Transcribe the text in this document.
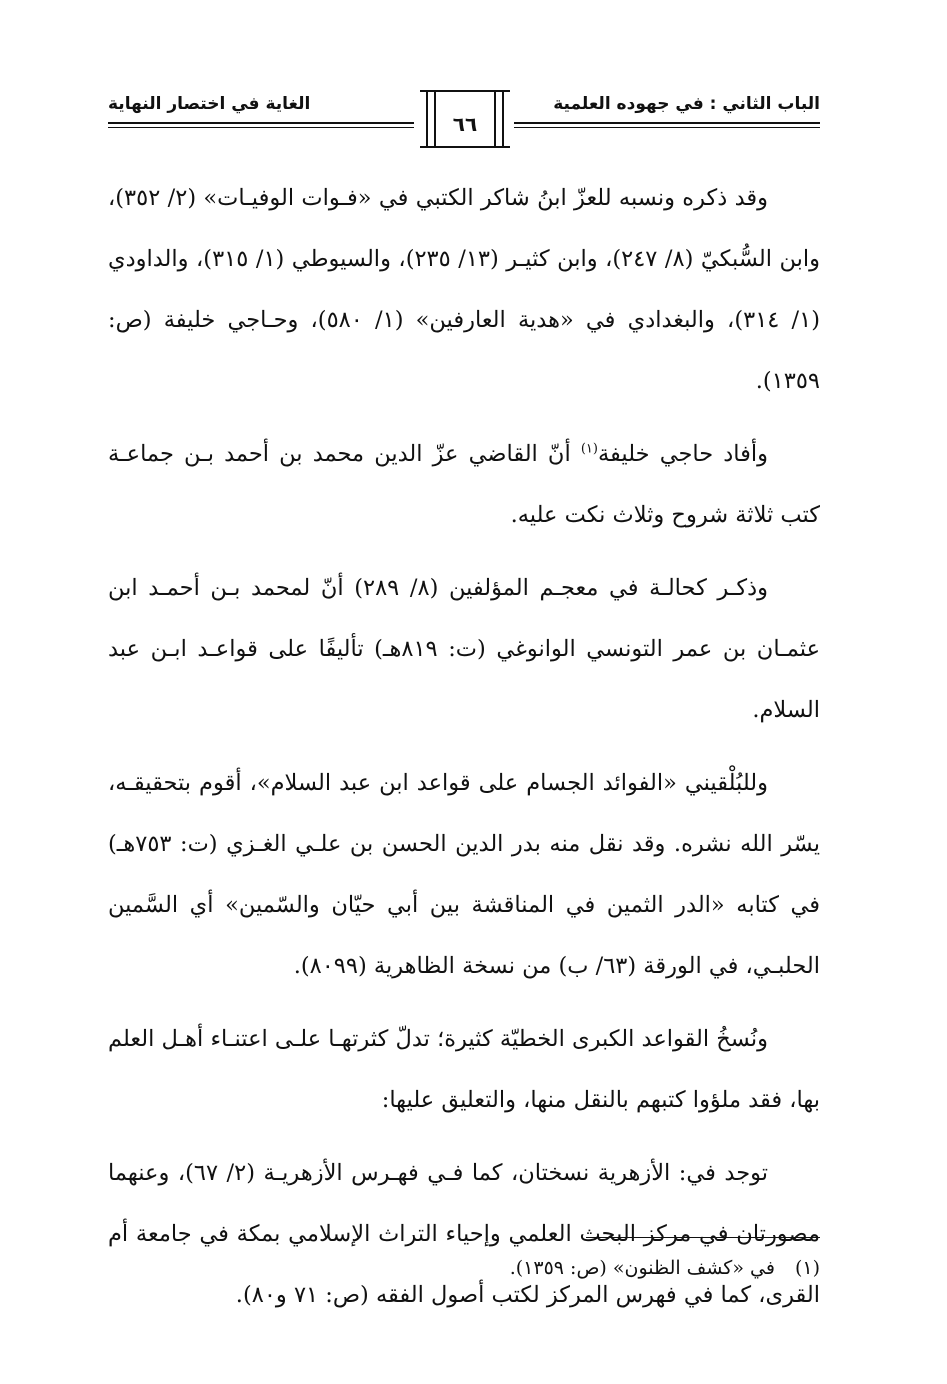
الباب الثاني : في جهوده العلمية
الغاية في اختصار النهاية
٦٦

وقد ذكره ونسبه للعزّ ابنُ شاكر الكتبي في «فـوات الوفيـات» (٢/ ٣٥٢)، وابن السُّبكيّ (٨/ ٢٤٧)، وابن كثيـر (١٣/ ٢٣٥)، والسيوطي (١/ ٣١٥)، والداودي (١/ ٣١٤)، والبغدادي في «هدية العارفين» (١/ ٥٨٠)، وحـاجي خليفة (ص: ١٣٥٩).

وأفاد حاجي خليفة$^{(١)}$ أنّ القاضي عزّ الدين محمد بن أحمد بـن جماعـة كتب ثلاثة شروح وثلاث نكت عليه.

وذكـر كحالـة في معجـم المؤلفين (٨/ ٢٨٩) أنّ لمحمد بـن أحمـد ابن عثمـان بن عمر التونسي الوانوغي (ت: ٨١٩هـ) تأليفًا على قواعـد ابـن عبد السلام.

وللبُلْقيني «الفوائد الجسام على قواعد ابن عبد السلام»، أقوم بتحقيقـه، يسّر الله نشره. وقد نقل منه بدر الدين الحسن بن علـي الغـزي (ت: ٧٥٣هـ) في كتابه «الدر الثمين في المناقشة بين أبي حيّان والسّمين» أي السَّمين الحلبـي، في الورقة (٦٣/ ب) من نسخة الظاهرية (٨٠٩٩).

ونُسخُ القواعد الكبرى الخطيّة كثيرة؛ تدلّ كثرتهـا علـى اعتنـاء أهـل العلم بها، فقد ملؤوا كتبهم بالنقل منها، والتعليق عليها:

توجد في: الأزهرية نسختان، كما فـي فهـرس الأزهريـة (٢/ ٦٧)، وعنهما مصورتان في مركز البحث العلمي وإحياء التراث الإسلامي بمكة في جامعة أم القرى، كما في فهرس المركز لكتب أصول الفقه (ص: ٧١ و٨٠).

(١)في «كشف الظنون» (ص: ١٣٥٩).
